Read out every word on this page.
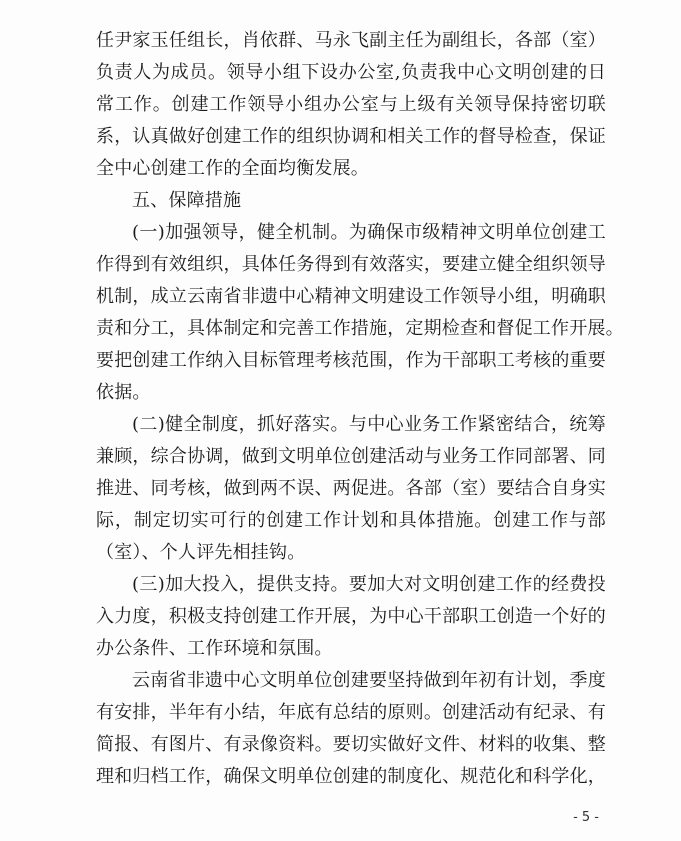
任尹家玉任组长，肖依群、马永飞副主任为副组长，各部（室）
负责人为成员。领导小组下设办公室,负责我中心文明创建的日
常工作。创建工作领导小组办公室与上级有关领导保持密切联
系，认真做好创建工作的组织协调和相关工作的督导检查，保证
全中心创建工作的全面均衡发展。
五、保障措施
(一)加强领导，健全机制。为确保市级精神文明单位创建工
作得到有效组织，具体任务得到有效落实，要建立健全组织领导
机制，成立云南省非遗中心精神文明建设工作领导小组，明确职
责和分工，具体制定和完善工作措施，定期检查和督促工作开展。
要把创建工作纳入目标管理考核范围，作为干部职工考核的重要
依据。
(二)健全制度，抓好落实。与中心业务工作紧密结合，统筹
兼顾，综合协调，做到文明单位创建活动与业务工作同部署、同
推进、同考核，做到两不误、两促进。各部（室）要结合自身实
际，制定切实可行的创建工作计划和具体措施。创建工作与部
（室）、个人评先相挂钩。
(三)加大投入，提供支持。要加大对文明创建工作的经费投
入力度，积极支持创建工作开展，为中心干部职工创造一个好的
办公条件、工作环境和氛围。
云南省非遗中心文明单位创建要坚持做到年初有计划，季度
有安排，半年有小结，年底有总结的原则。创建活动有纪录、有
简报、有图片、有录像资料。要切实做好文件、材料的收集、整
理和归档工作，确保文明单位创建的制度化、规范化和科学化，
- 5 -
